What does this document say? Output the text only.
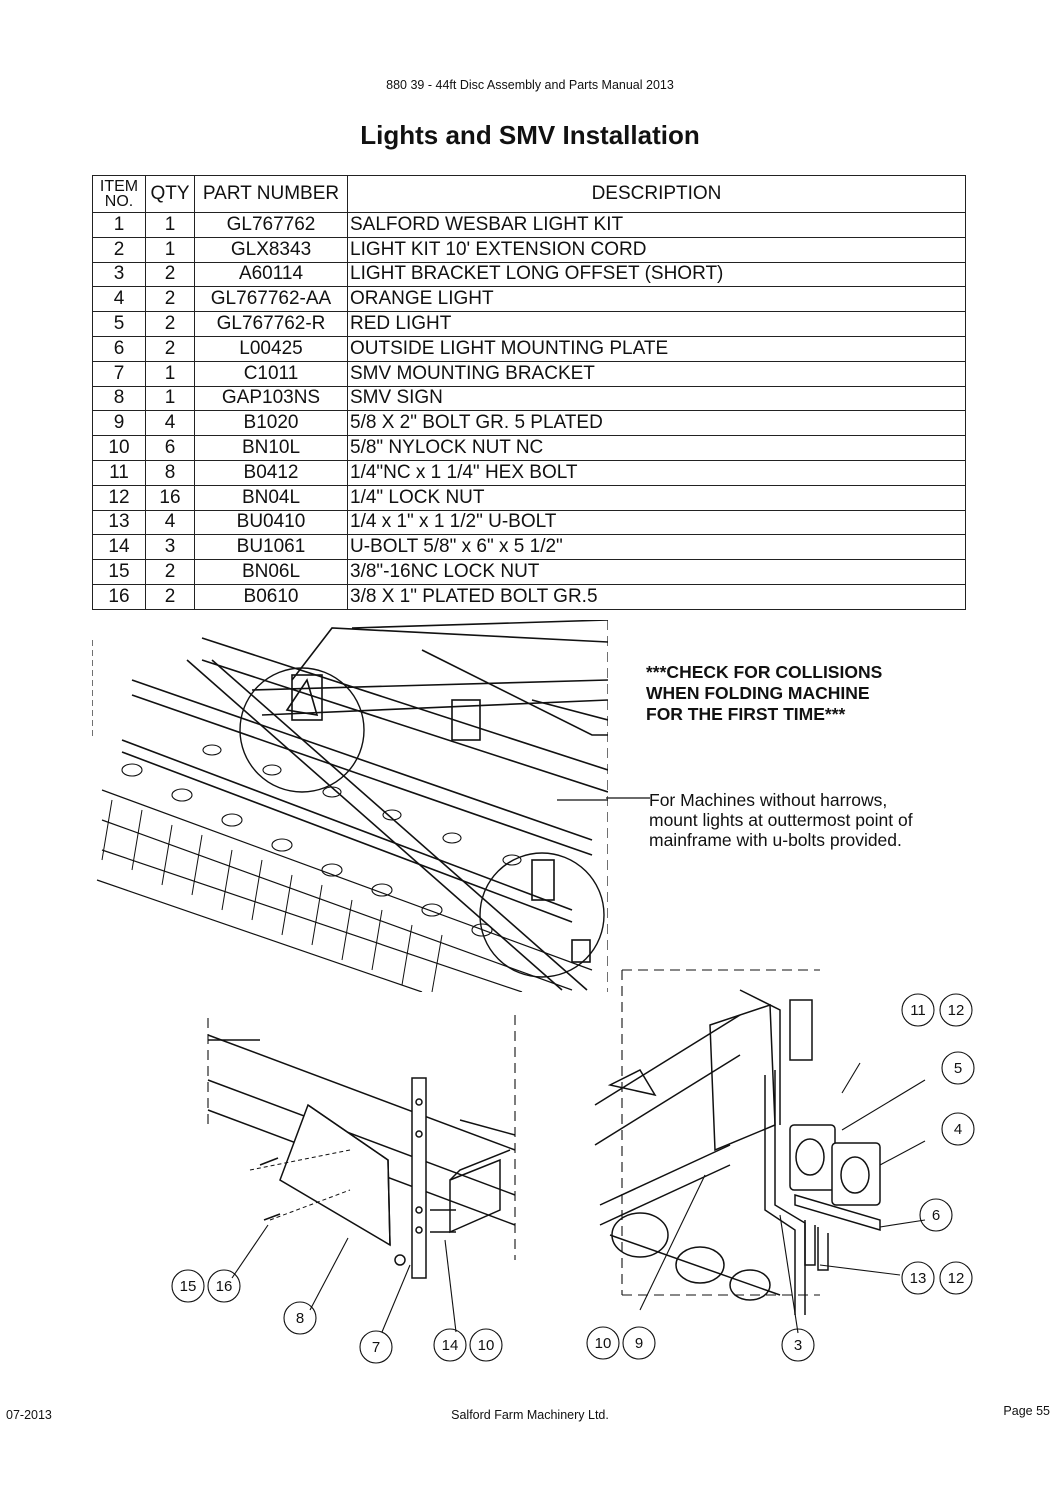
880 39 - 44ft Disc Assembly and Parts Manual 2013
Lights and SMV Installation
ITEM
NO.	QTY	PART NUMBER	DESCRIPTION
1	1	GL767762	SALFORD WESBAR LIGHT KIT
2	1	GLX8343	LIGHT KIT 10' EXTENSION CORD
3	2	A60114	LIGHT BRACKET LONG OFFSET (SHORT)
4	2	GL767762-AA	ORANGE LIGHT
5	2	GL767762-R	RED LIGHT
6	2	L00425	OUTSIDE LIGHT MOUNTING PLATE
7	1	C1011	SMV MOUNTING BRACKET
8	1	GAP103NS	SMV SIGN
9	4	B1020	5/8 X 2" BOLT GR. 5 PLATED
10	6	BN10L	5/8" NYLOCK NUT NC
11	8	B0412	1/4"NC x 1 1/4" HEX BOLT
12	16	BN04L	1/4" LOCK NUT
13	4	BU0410	1/4 x 1" x 1 1/2" U-BOLT
14	3	BU1061	U-BOLT 5/8" x 6" x 5 1/2"
15	2	BN06L	3/8"-16NC LOCK NUT
16	2	B0610	3/8 X 1" PLATED BOLT GR.5
***CHECK FOR COLLISIONS
WHEN FOLDING MACHINE
FOR THE FIRST TIME***
For Machines without harrows,
mount lights at outtermost point of
mainframe with u-bolts provided.
15 16
8
7	14 10
11 12
5
4
6
13 12
10 9	3
07-2013	Salford Farm Machinery Ltd.	Page 55
